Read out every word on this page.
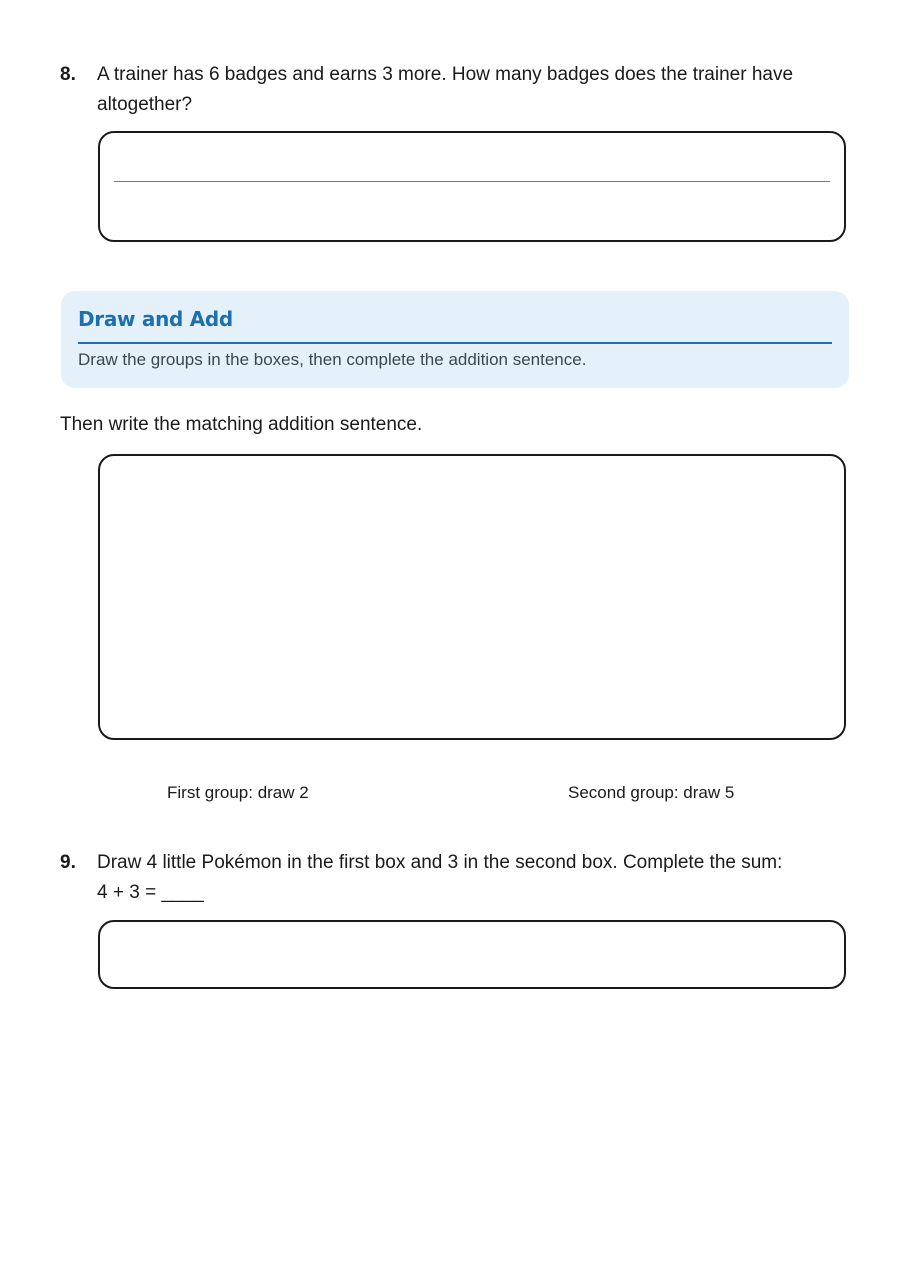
8. A trainer has 6 badges and earns 3 more. How many badges does the trainer have altogether?
Draw and Add
Draw the groups in the boxes, then complete the addition sentence.
Then write the matching addition sentence.
First group: draw 2	Second group: draw 5
9. Draw 4 little Pokémon in the first box and 3 in the second box. Complete the sum:
4 + 3 = ____
